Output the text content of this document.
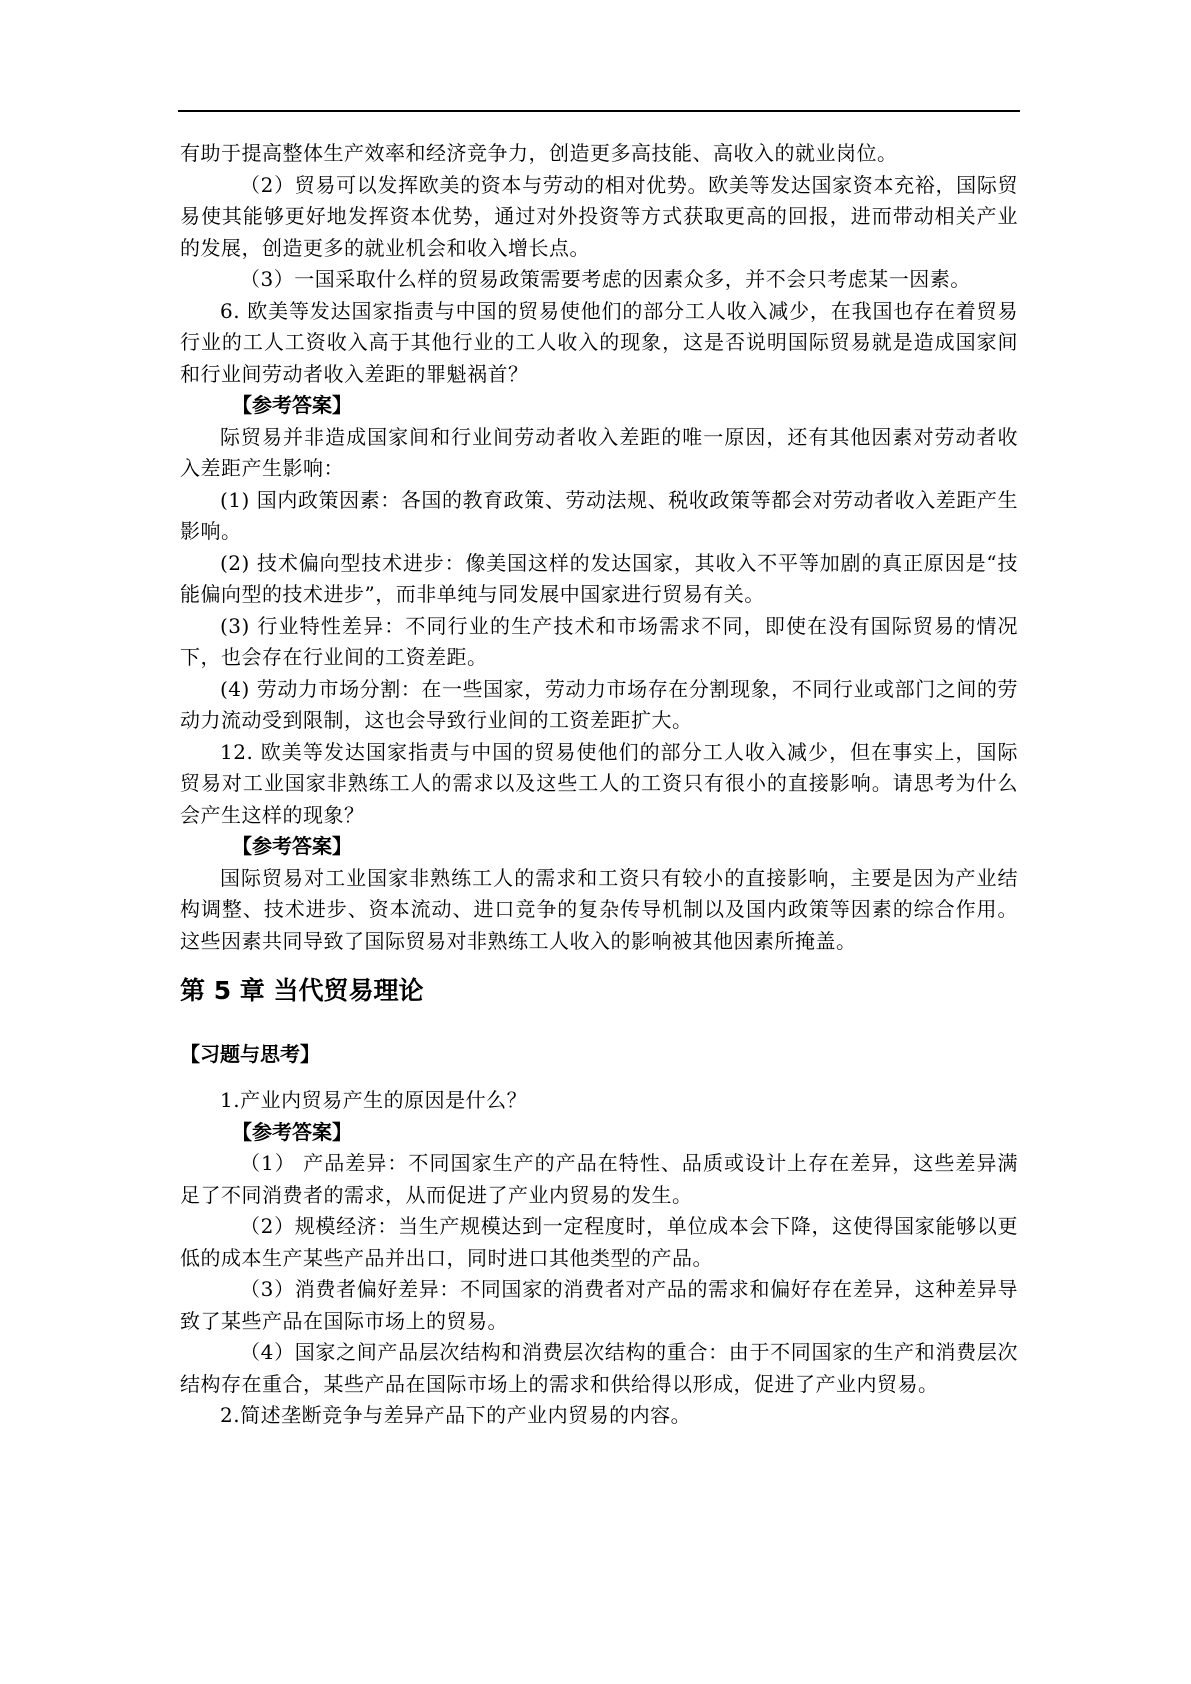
有助于提高整体生产效率和经济竞争力，创造更多高技能、高收入的就业岗位。

（2）贸易可以发挥欧美的资本与劳动的相对优势。欧美等发达国家资本充裕，国际贸易使其能够更好地发挥资本优势，通过对外投资等方式获取更高的回报，进而带动相关产业的发展，创造更多的就业机会和收入增长点。

（3）一国采取什么样的贸易政策需要考虑的因素众多，并不会只考虑某一因素。

6. 欧美等发达国家指责与中国的贸易使他们的部分工人收入减少，在我国也存在着贸易行业的工人工资收入高于其他行业的工人收入的现象，这是否说明国际贸易就是造成国家间和行业间劳动者收入差距的罪魁祸首？

【参考答案】

际贸易并非造成国家间和行业间劳动者收入差距的唯一原因，还有其他因素对劳动者收入差距产生影响：

(1) 国内政策因素：各国的教育政策、劳动法规、税收政策等都会对劳动者收入差距产生影响。

(2) 技术偏向型技术进步：像美国这样的发达国家，其收入不平等加剧的真正原因是“技能偏向型的技术进步”，而非单纯与同发展中国家进行贸易有关。

(3) 行业特性差异：不同行业的生产技术和市场需求不同，即使在没有国际贸易的情况下，也会存在行业间的工资差距。

(4) 劳动力市场分割：在一些国家，劳动力市场存在分割现象，不同行业或部门之间的劳动力流动受到限制，这也会导致行业间的工资差距扩大。

12. 欧美等发达国家指责与中国的贸易使他们的部分工人收入减少，但在事实上，国际贸易对工业国家非熟练工人的需求以及这些工人的工资只有很小的直接影响。请思考为什么会产生这样的现象？

【参考答案】

国际贸易对工业国家非熟练工人的需求和工资只有较小的直接影响，主要是因为产业结构调整、技术进步、资本流动、进口竞争的复杂传导机制以及国内政策等因素的综合作用。这些因素共同导致了国际贸易对非熟练工人收入的影响被其他因素所掩盖。

第 5 章 当代贸易理论
【习题与思考】

1.产业内贸易产生的原因是什么？

【参考答案】

（1） 产品差异：不同国家生产的产品在特性、品质或设计上存在差异，这些差异满足了不同消费者的需求，从而促进了产业内贸易的发生。

（2）规模经济：当生产规模达到一定程度时，单位成本会下降，这使得国家能够以更低的成本生产某些产品并出口，同时进口其他类型的产品。

（3）消费者偏好差异：不同国家的消费者对产品的需求和偏好存在差异，这种差异导致了某些产品在国际市场上的贸易。

（4）国家之间产品层次结构和消费层次结构的重合：由于不同国家的生产和消费层次结构存在重合，某些产品在国际市场上的需求和供给得以形成，促进了产业内贸易。

2.简述垄断竞争与差异产品下的产业内贸易的内容。
